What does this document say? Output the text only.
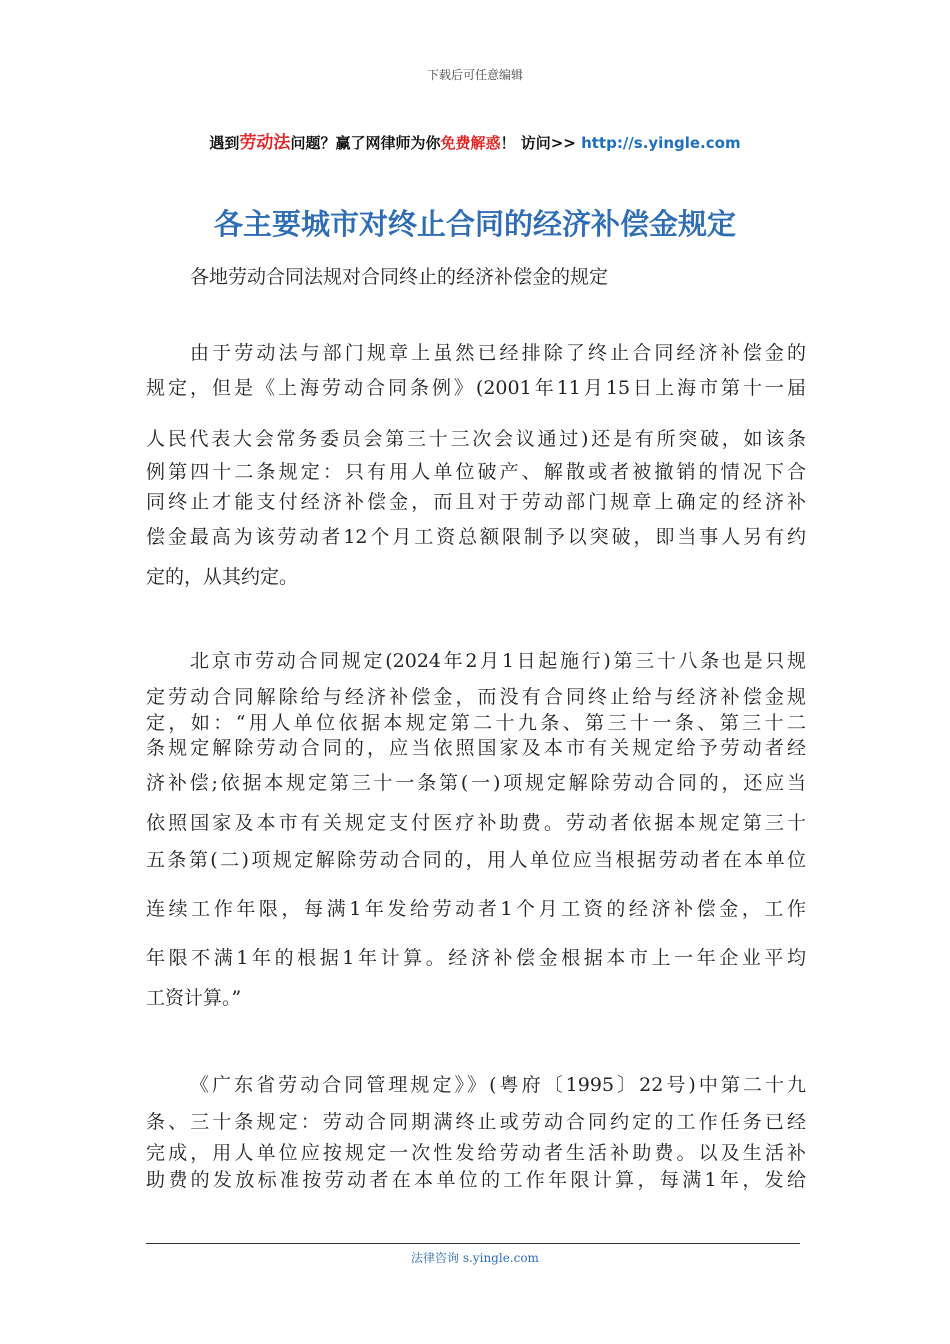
下载后可任意编辑
遇到劳动法问题？赢了网律师为你免费解惑！ 访问>> http://s.yingle.com
各主要城市对终止合同的经济补偿金规定
各地劳动合同法规对合同终止的经济补偿金的规定
由于劳动法与部门规章上虽然已经排除了终止合同经济补偿金的
规定，但是《上海劳动合同条例》(2001年11月15日上海市第十一届
人民代表大会常务委员会第三十三次会议通过)还是有所突破，如该条
例第四十二条规定：只有用人单位破产、解散或者被撤销的情况下合
同终止才能支付经济补偿金，而且对于劳动部门规章上确定的经济补
偿金最高为该劳动者12个月工资总额限制予以突破，即当事人另有约
定的，从其约定。
北京市劳动合同规定(2024年2月1日起施行)第三十八条也是只规
定劳动合同解除给与经济补偿金，而没有合同终止给与经济补偿金规
定，如：“用人单位依据本规定第二十九条、第三十一条、第三十二
条规定解除劳动合同的，应当依照国家及本市有关规定给予劳动者经
济补偿;依据本规定第三十一条第(一)项规定解除劳动合同的，还应当
依照国家及本市有关规定支付医疗补助费。劳动者依据本规定第三十
五条第(二)项规定解除劳动合同的，用人单位应当根据劳动者在本单位
连续工作年限，每满1年发给劳动者1个月工资的经济补偿金，工作
年限不满1年的根据1年计算。经济补偿金根据本市上一年企业平均
工资计算。”
《广东省劳动合同管理规定》》(粤府〔1995〕22号)中第二十九
条、三十条规定：劳动合同期满终止或劳动合同约定的工作任务已经
完成，用人单位应按规定一次性发给劳动者生活补助费。以及生活补
助费的发放标准按劳动者在本单位的工作年限计算，每满1年，发给
法律咨询 s.yingle.com
